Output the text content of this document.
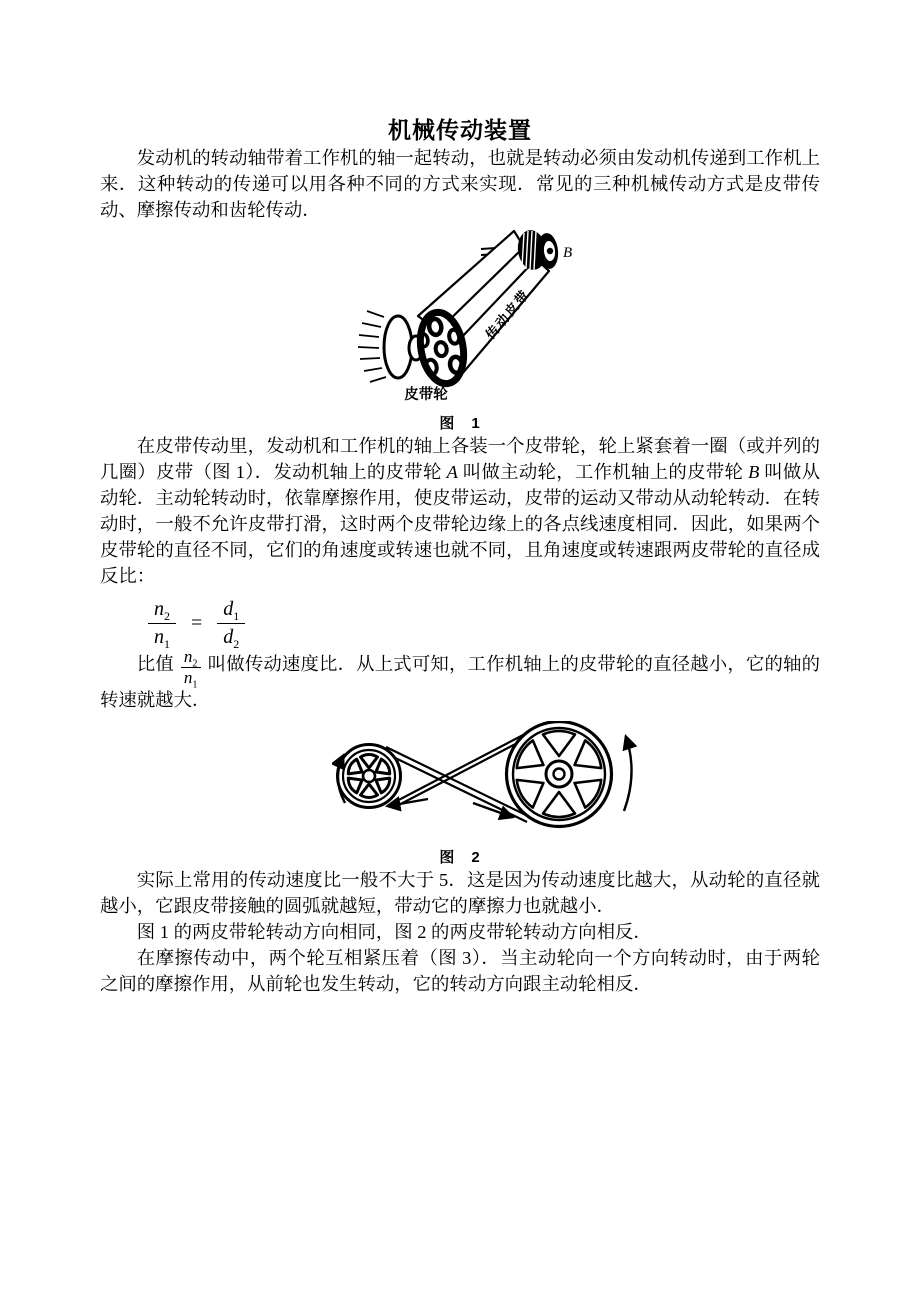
机械传动装置

发动机的转动轴带着工作机的轴一起转动，也就是转动必须由发动机传递到工作机上来．这种转动的传递可以用各种不同的方式来实现．常见的三种机械传动方式是皮带传动、摩擦传动和齿轮传动．

B
传动皮带
皮带轮
图　1

在皮带传动里，发动机和工作机的轴上各装一个皮带轮，轮上紧套着一圈（或并列的几圈）皮带（图 1）．发动机轴上的皮带轮 A 叫做主动轮，工作机轴上的皮带轮 B 叫做从动轮．主动轮转动时，依靠摩擦作用，使皮带运动，皮带的运动又带动从动轮转动．在转动时，一般不允许皮带打滑，这时两个皮带轮边缘上的各点线速度相同．因此，如果两个皮带轮的直径不同，它们的角速度或转速也就不同，且角速度或转速跟两皮带轮的直径成反比：

$\frac{n_2}{n_1} = \frac{d_1}{d_2}$

比值 $\frac{n_2}{n_1}$ 叫做传动速度比．从上式可知，工作机轴上的皮带轮的直径越小，它的轴的转速就越大．

图　2

实际上常用的传动速度比一般不大于 5．这是因为传动速度比越大，从动轮的直径就越小，它跟皮带接触的圆弧就越短，带动它的摩擦力也就越小．

图 1 的两皮带轮转动方向相同，图 2 的两皮带轮转动方向相反．

在摩擦传动中，两个轮互相紧压着（图 3）．当主动轮向一个方向转动时，由于两轮之间的摩擦作用，从前轮也发生转动，它的转动方向跟主动轮相反．
